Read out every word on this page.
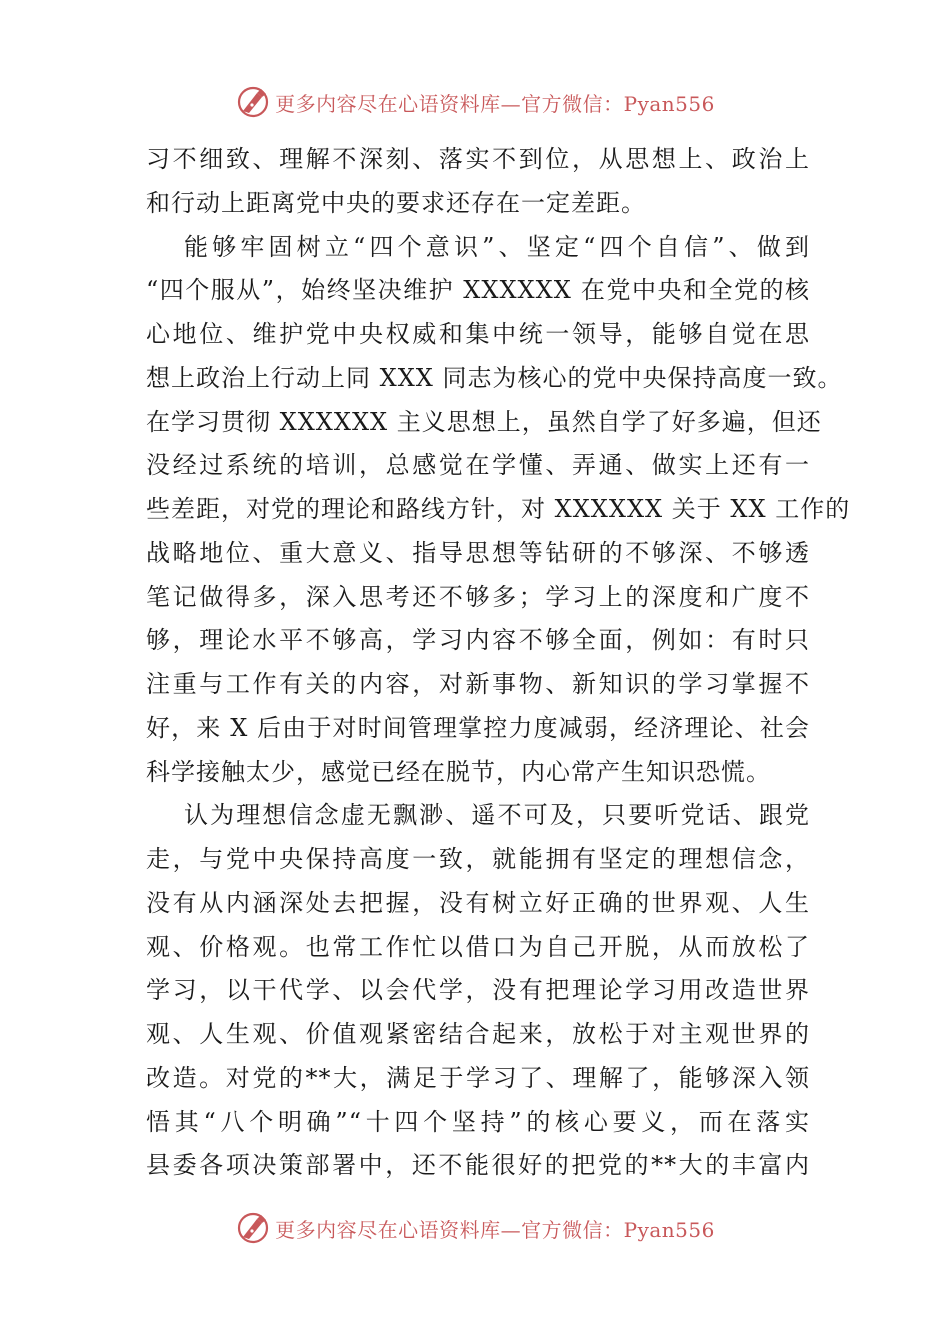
更多内容尽在心语资料库—官方微信：Pyan556
习不细致、理解不深刻、落实不到位，从思想上、政治上
和行动上距离党中央的要求还存在一定差距。
能够牢固树立“四个意识”、坚定“四个自信”、做到
“四个服从”，始终坚决维护 XXXXXX 在党中央和全党的核
心地位、维护党中央权威和集中统一领导，能够自觉在思
想上政治上行动上同 XXX 同志为核心的党中央保持高度一致。
在学习贯彻 XXXXXX 主义思想上，虽然自学了好多遍，但还
没经过系统的培训，总感觉在学懂、弄通、做实上还有一
些差距，对党的理论和路线方针，对 XXXXXX 关于 XX 工作的
战略地位、重大意义、指导思想等钻研的不够深、不够透
笔记做得多，深入思考还不够多；学习上的深度和广度不
够，理论水平不够高，学习内容不够全面，例如：有时只
注重与工作有关的内容，对新事物、新知识的学习掌握不
好，来 X 后由于对时间管理掌控力度减弱，经济理论、社会
科学接触太少，感觉已经在脱节，内心常产生知识恐慌。
认为理想信念虚无飘渺、遥不可及，只要听党话、跟党
走，与党中央保持高度一致，就能拥有坚定的理想信念，
没有从内涵深处去把握，没有树立好正确的世界观、人生
观、价格观。也常工作忙以借口为自己开脱，从而放松了
学习，以干代学、以会代学，没有把理论学习用改造世界
观、人生观、价值观紧密结合起来，放松于对主观世界的
改造。对党的**大，满足于学习了、理解了，能够深入领
悟其“八个明确”“十四个坚持”的核心要义，而在落实
县委各项决策部署中，还不能很好的把党的**大的丰富内
更多内容尽在心语资料库—官方微信：Pyan556
